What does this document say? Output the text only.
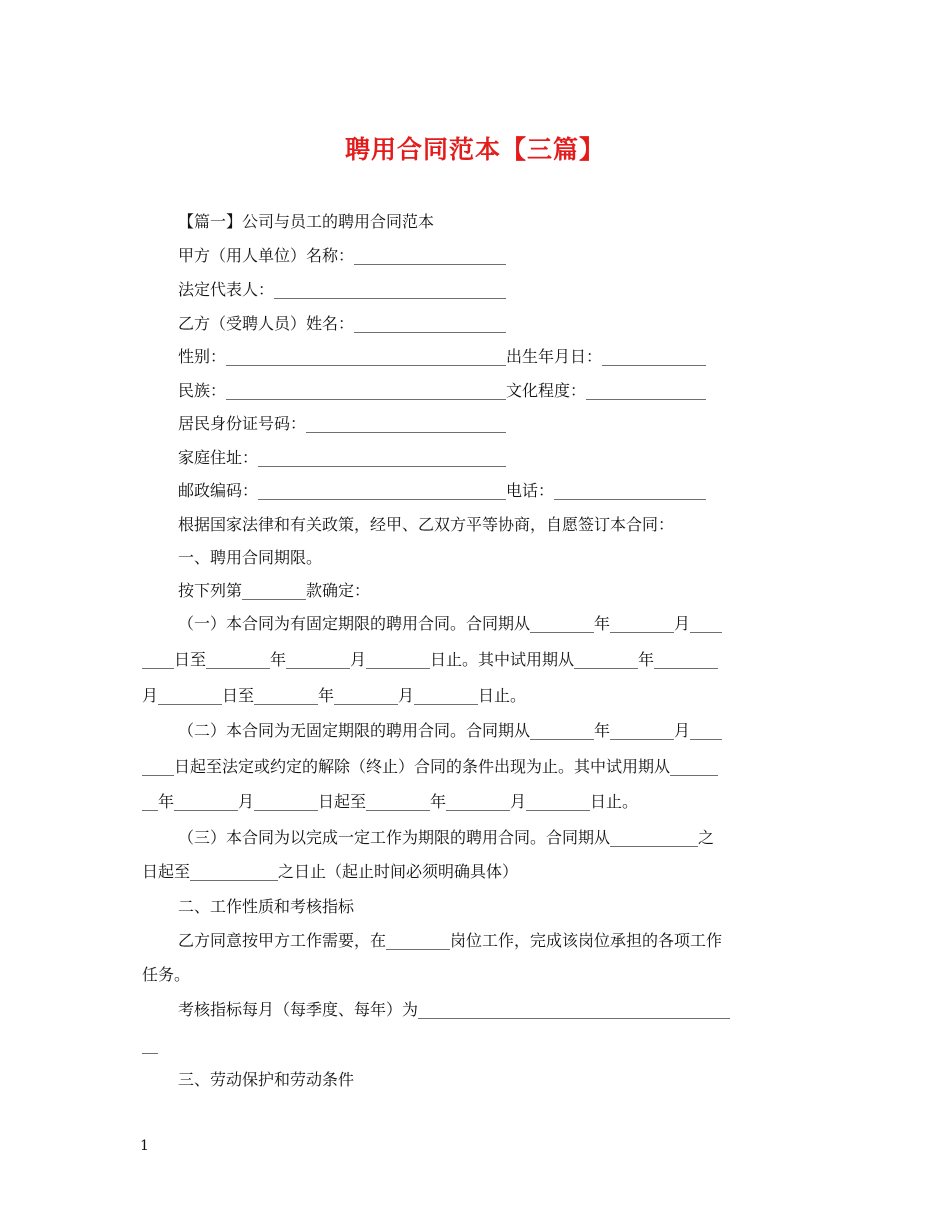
聘用合同范本【三篇】
【篇一】公司与员工的聘用合同范本
甲方（用人单位）名称：___________________
法定代表人：_____________________________
乙方（受聘人员）姓名：___________________
性别：___________________________________出生年月日：_____________
民族：___________________________________文化程度：_______________
居民身份证号码：_________________________
家庭住址：_______________________________
邮政编码：_______________________________电话：___________________
根据国家法律和有关政策，经甲、乙双方平等协商，自愿签订本合同：
一、聘用合同期限。
按下列第________款确定：
（一）本合同为有固定期限的聘用合同。合同期从________年________月____
____日至________年________月________日止。其中试用期从________年________
月________日至________年________月________日止。
（二）本合同为无固定期限的聘用合同。合同期从________年________月____
____日起至法定或约定的解除（终止）合同的条件出现为止。其中试用期从______
__年________月________日起至________年________月________日止。
（三）本合同为以完成一定工作为期限的聘用合同。合同期从___________之
日起至___________之日止（起止时间必须明确具体）
二、工作性质和考核指标
乙方同意按甲方工作需要，在________岗位工作，完成该岗位承担的各项工作
任务。
考核指标每月（每季度、每年）为_______________________________________
__
三、劳动保护和劳动条件
1
